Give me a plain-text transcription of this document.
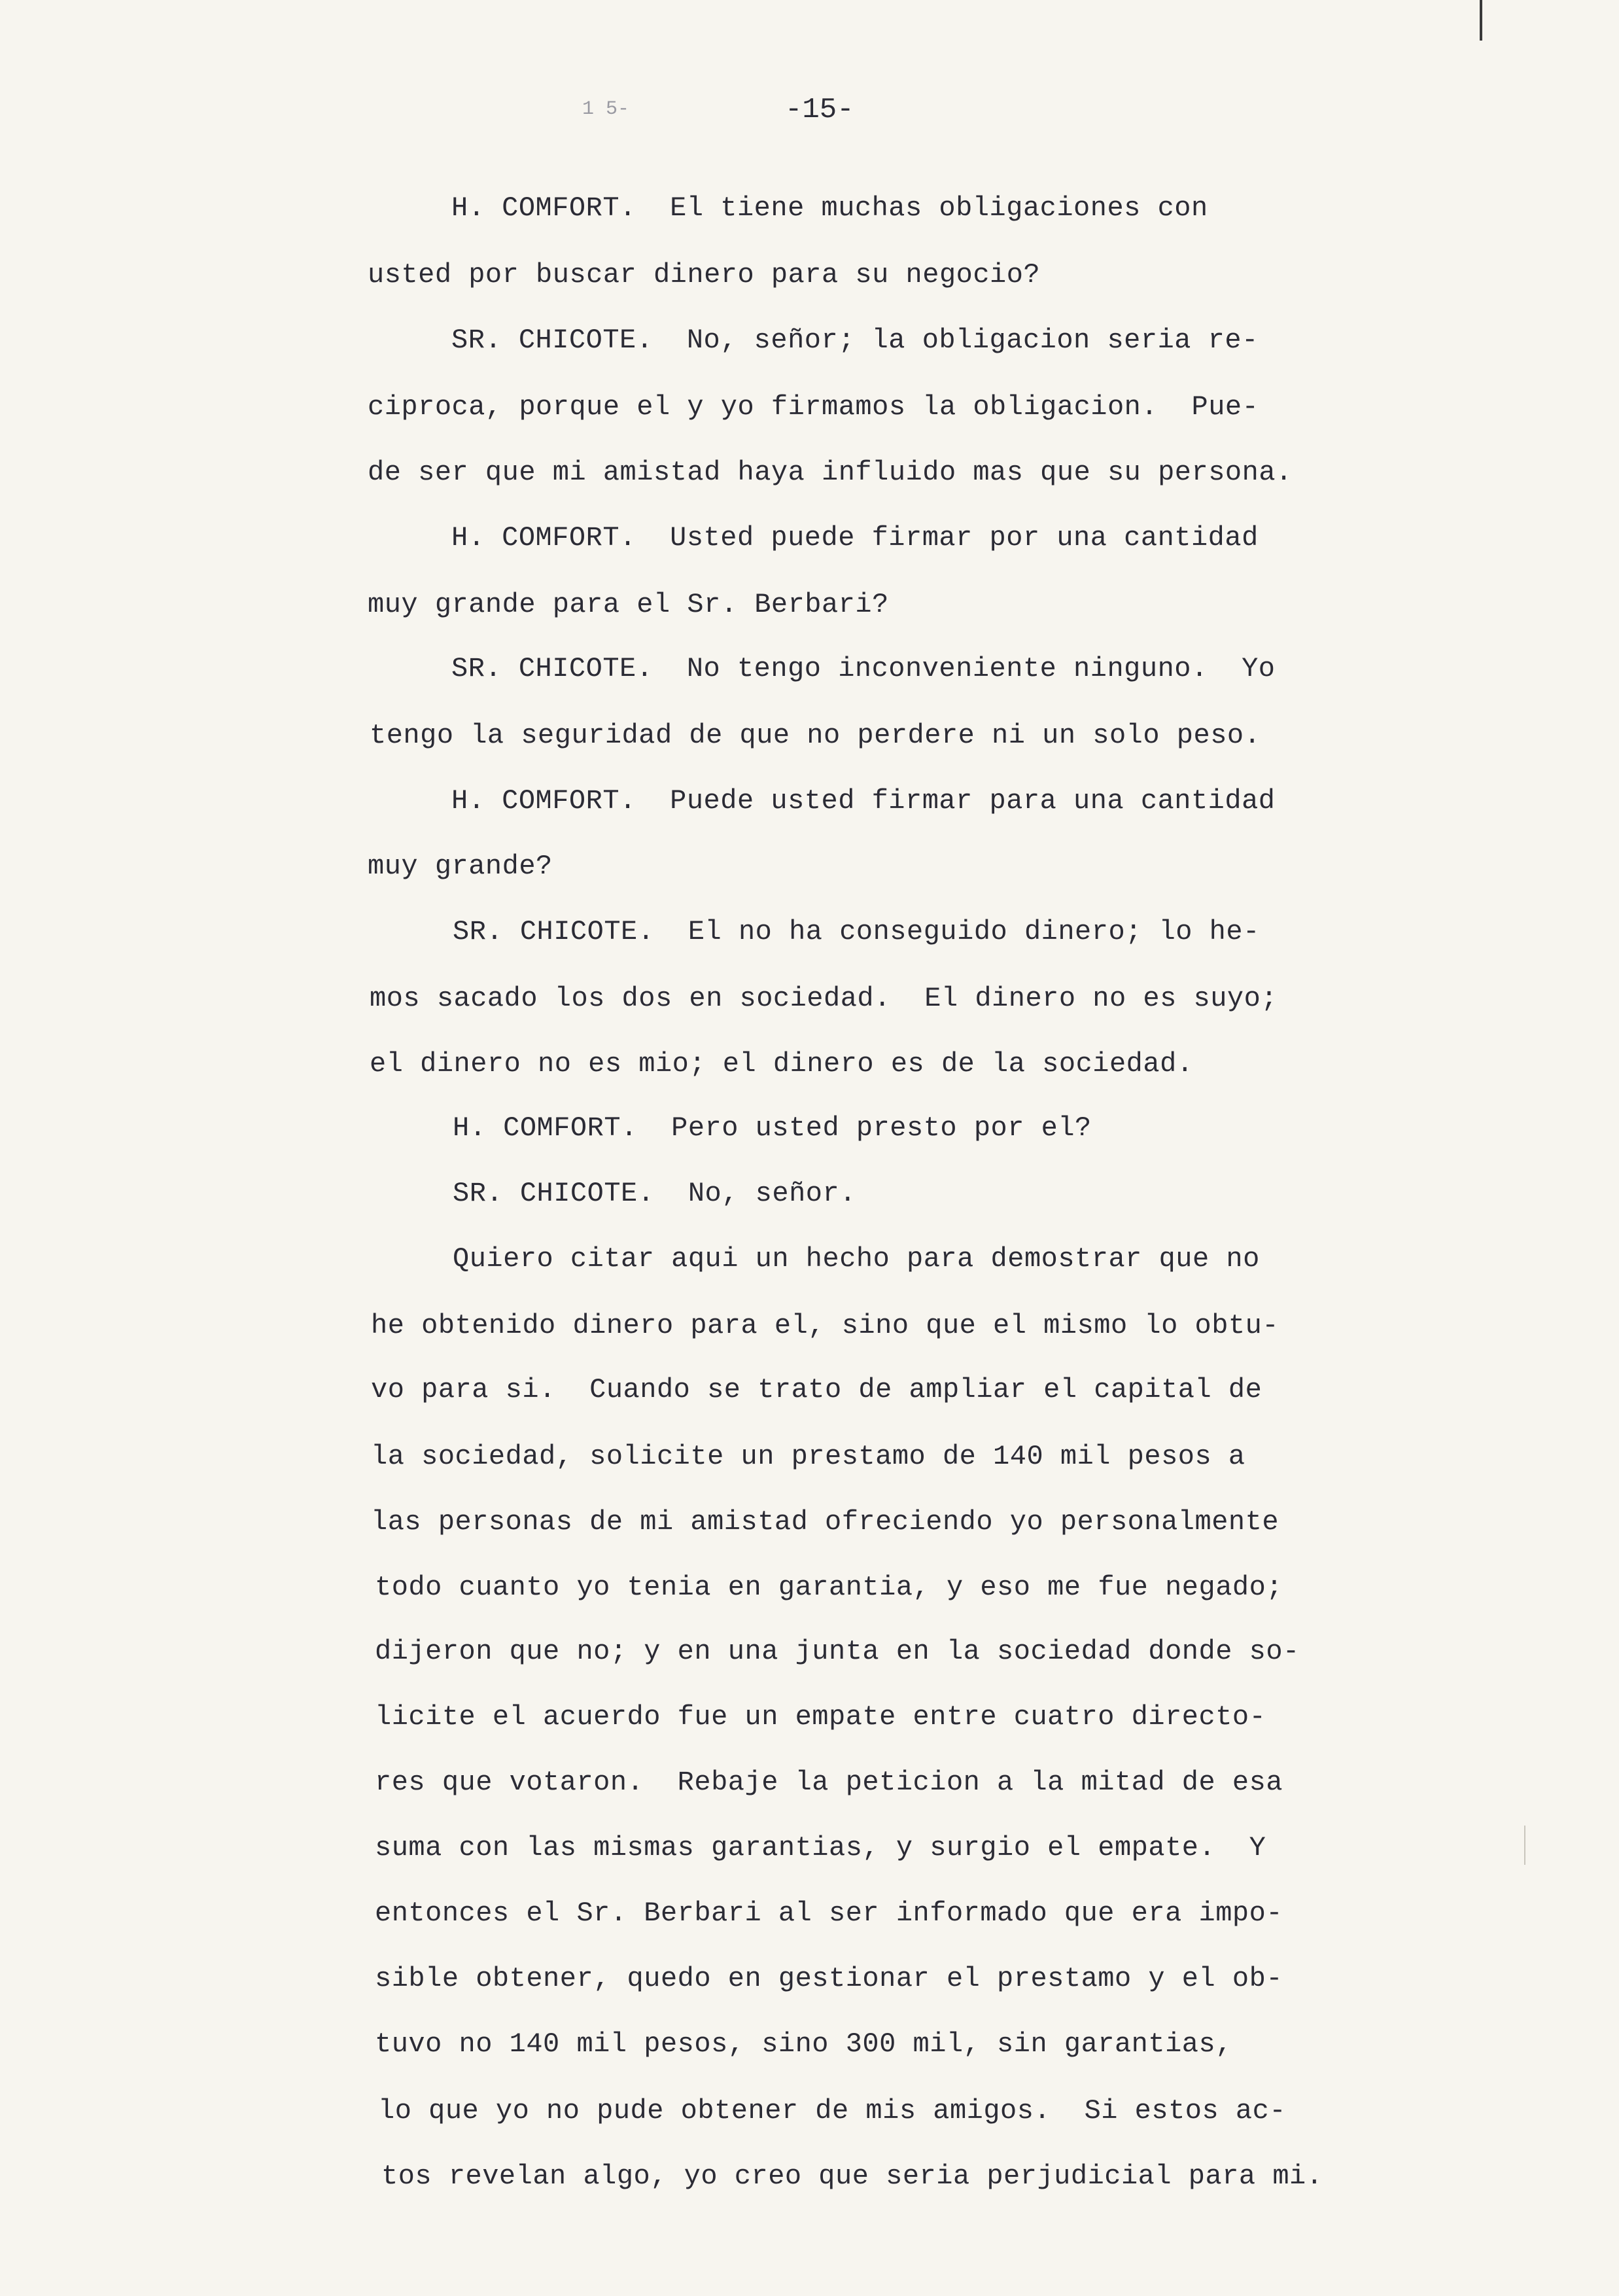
1 5-	-15-
H. COMFORT.  El tiene muchas obligaciones con
usted por buscar dinero para su negocio?
SR. CHICOTE.  No, señor; la obligacion seria re-
ciproca, porque el y yo firmamos la obligacion.  Pue-
de ser que mi amistad haya influido mas que su persona.
H. COMFORT.  Usted puede firmar por una cantidad
muy grande para el Sr. Berbari?
SR. CHICOTE.  No tengo inconveniente ninguno.  Yo
tengo la seguridad de que no perdere ni un solo peso.
H. COMFORT.  Puede usted firmar para una cantidad
muy grande?
SR. CHICOTE.  El no ha conseguido dinero; lo he-
mos sacado los dos en sociedad.  El dinero no es suyo;
el dinero no es mio; el dinero es de la sociedad.
H. COMFORT.  Pero usted presto por el?
SR. CHICOTE.  No, señor.
Quiero citar aqui un hecho para demostrar que no
he obtenido dinero para el, sino que el mismo lo obtu-
vo para si.  Cuando se trato de ampliar el capital de
la sociedad, solicite un prestamo de 140 mil pesos a
las personas de mi amistad ofreciendo yo personalmente
todo cuanto yo tenia en garantia, y eso me fue negado;
dijeron que no; y en una junta en la sociedad donde so-
licite el acuerdo fue un empate entre cuatro directo-
res que votaron.  Rebaje la peticion a la mitad de esa
suma con las mismas garantias, y surgio el empate.  Y
entonces el Sr. Berbari al ser informado que era impo-
sible obtener, quedo en gestionar el prestamo y el ob-
tuvo no 140 mil pesos, sino 300 mil, sin garantias,
lo que yo no pude obtener de mis amigos.  Si estos ac-
tos revelan algo, yo creo que seria perjudicial para mi.
